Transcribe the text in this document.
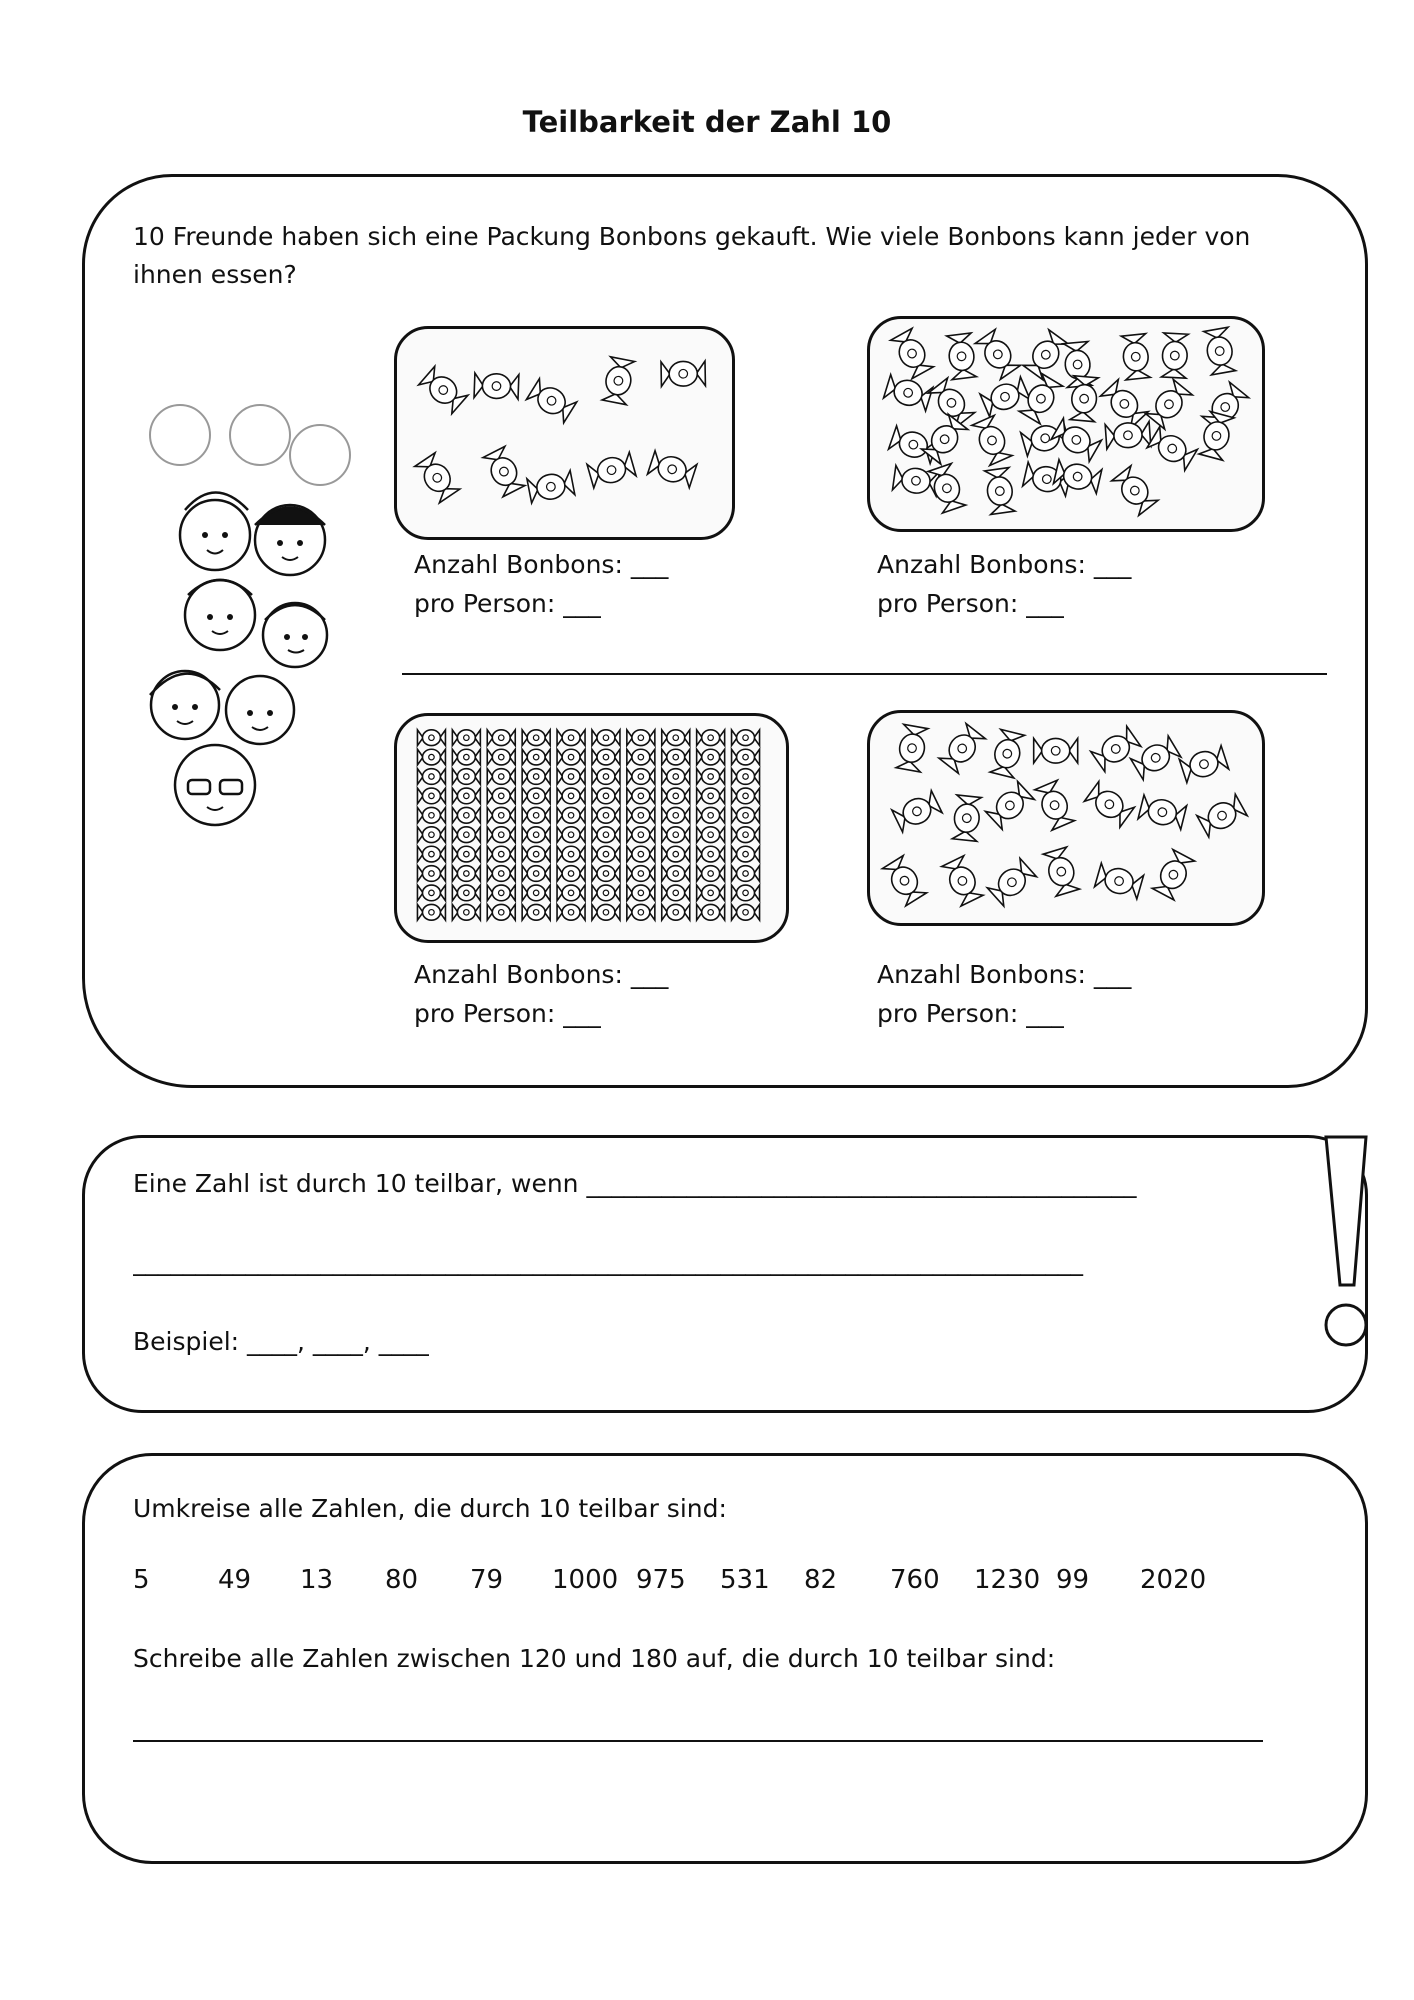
Teilbarkeit der Zahl 10
10 Freunde haben sich eine Packung Bonbons gekauft. Wie viele Bonbons kann jeder von ihnen essen?
Anzahl Bonbons: ___
pro Person: ___
Anzahl Bonbons: ___
pro Person: ___
Anzahl Bonbons: ___
pro Person: ___
Anzahl Bonbons: ___
pro Person: ___
Eine Zahl ist durch 10 teilbar, wenn ____________________________________________
____________________________________________________________________________
Beispiel: ____, ____, ____
Umkreise alle Zahlen, die durch 10 teilbar sind:
5	49 13 80 79 1000 975 531 82 760 1230 99 2020
Schreibe alle Zahlen zwischen 120 und 180 auf, die durch 10 teilbar sind:
